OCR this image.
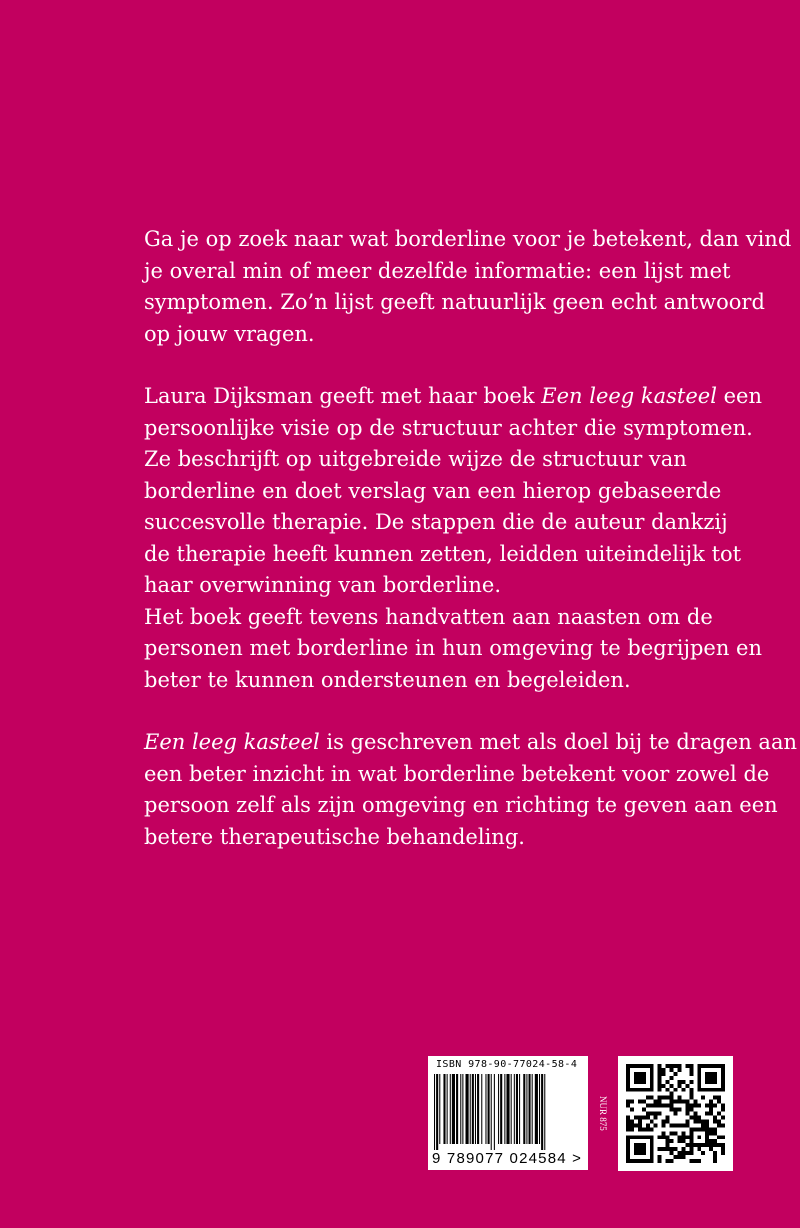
Ga je op zoek naar wat borderline voor je betekent, dan vind
je overal min of meer dezelfde informatie: een lijst met
symptomen. Zo’n lijst geeft natuurlijk geen echt antwoord
op jouw vragen.

Laura Dijksman geeft met haar boek Een leeg kasteel een
persoonlijke visie op de structuur achter die symptomen.
Ze beschrijft op uitgebreide wijze de structuur van
borderline en doet verslag van een hierop gebaseerde
succesvolle therapie. De stappen die de auteur dankzij
de therapie heeft kunnen zetten, leidden uiteindelijk tot
haar overwinning van borderline.
Het boek geeft tevens handvatten aan naasten om de
personen met borderline in hun omgeving te begrijpen en
beter te kunnen ondersteunen en begeleiden.

Een leeg kasteel is geschreven met als doel bij te dragen aan
een beter inzicht in wat borderline betekent voor zowel de
persoon zelf als zijn omgeving en richting te geven aan een
betere therapeutische behandeling.

ISBN 978-90-77024-58-4
9 789077 024584 >
NUR 875
